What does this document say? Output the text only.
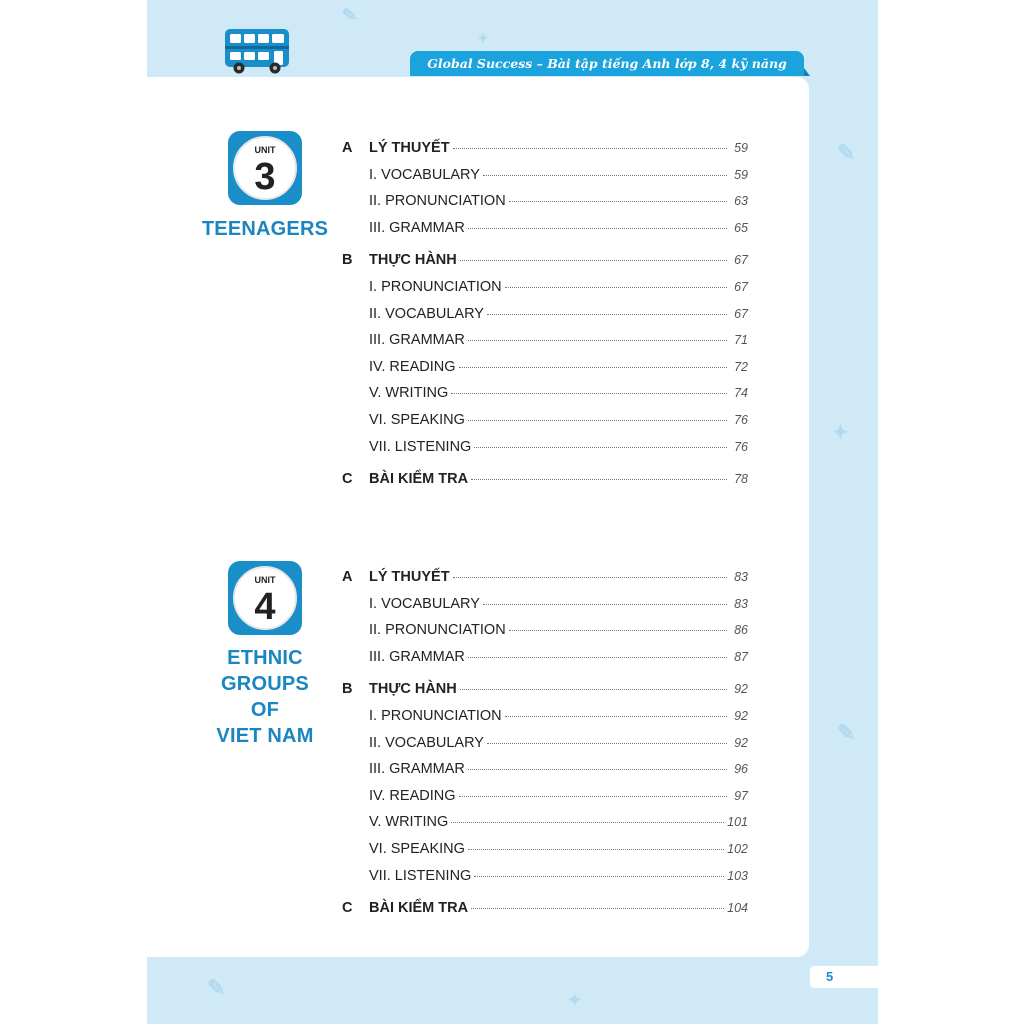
✎
✦
✎
✦
✎
✎	✦
Global Success – Bài tập tiếng Anh lớp 8, 4 kỹ năng
UNIT
3
TEENAGERS
A LÝ THUYẾT	59
I. VOCABULARY	59
II. PRONUNCIATION	63
III. GRAMMAR	65
B THỰC HÀNH	67
I. PRONUNCIATION	67
II. VOCABULARY	67
III. GRAMMAR	71
IV. READING	72
V. WRITING	74
VI. SPEAKING	76
VII. LISTENING	76
C BÀI KIỂM TRA	78
UNIT
4
ETHNIC
GROUPS
OF
VIET NAM
A LÝ THUYẾT	83
I. VOCABULARY	83
II. PRONUNCIATION	86
III. GRAMMAR	87
B THỰC HÀNH	92
I. PRONUNCIATION	92
II. VOCABULARY	92
III. GRAMMAR	96
IV. READING	97
V. WRITING	101
VI. SPEAKING	102
VII. LISTENING	103
C BÀI KIỂM TRA	104
5
